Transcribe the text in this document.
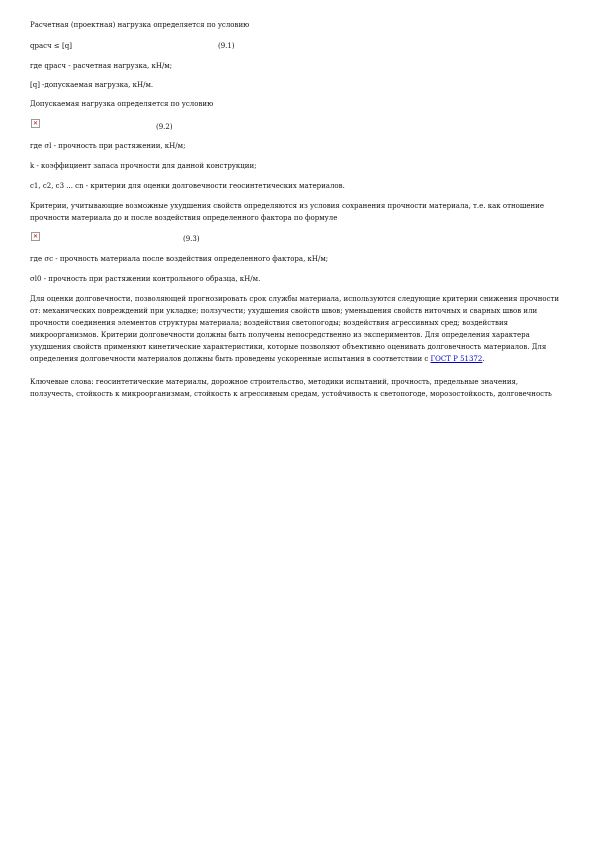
Расчетная (проектная) нагрузка определяется по условию
qрасч ≤ [q]	(9.1)
где qрасч - расчетная нагрузка, кН/м;
[q] -допускаемая нагрузка, кН/м.
Допускаемая нагрузка определяется по условию
✕	(9.2)
где σl - прочность при растяжении, кН/м;
k - коэффициент запаса прочности для данной конструкции;
c1, c2, c3 ... cn - критерии для оценки долговечности геосинтетических материалов.
Критерии, учитывающие возможные ухудшения свойств определяются из условия сохранения прочности материала, т.е. как отношение прочности материала до и после воздействия определенного фактора по формуле
✕	(9.3)
где σc - прочность материала после воздействия определенного фактора, кН/м;
σl0 - прочность при растяжении контрольного образца, кН/м.
Для оценки долговечности, позволяющей прогнозировать срок службы материала, используются следующие критерии снижения прочности от: механических повреждений при укладке; ползучести; ухудшения свойств швов; уменьшения свойств ниточных и сварных швов или прочности соединения элементов структуры материала; воздействия светопогоды; воздействия агрессивных сред; воздействия микроорганизмов. Критерии долговечности должны быть получены непосредственно из экспериментов. Для определения характера ухудшения свойств применяют кинетические характеристики, которые позволяют объективно оценивать долговечность материалов. Для определения долговечности материалов должны быть проведены ускоренные испытания в соответствии с ГОСТ Р 51372.
Ключевые слова: геосинтетические материалы, дорожное строительство, методики испытаний, прочность, предельные значения, ползучесть, стойкость к микроорганизмам, стойкость к агрессивным средам, устойчивость к светопогоде, морозостойкость, долговечность
